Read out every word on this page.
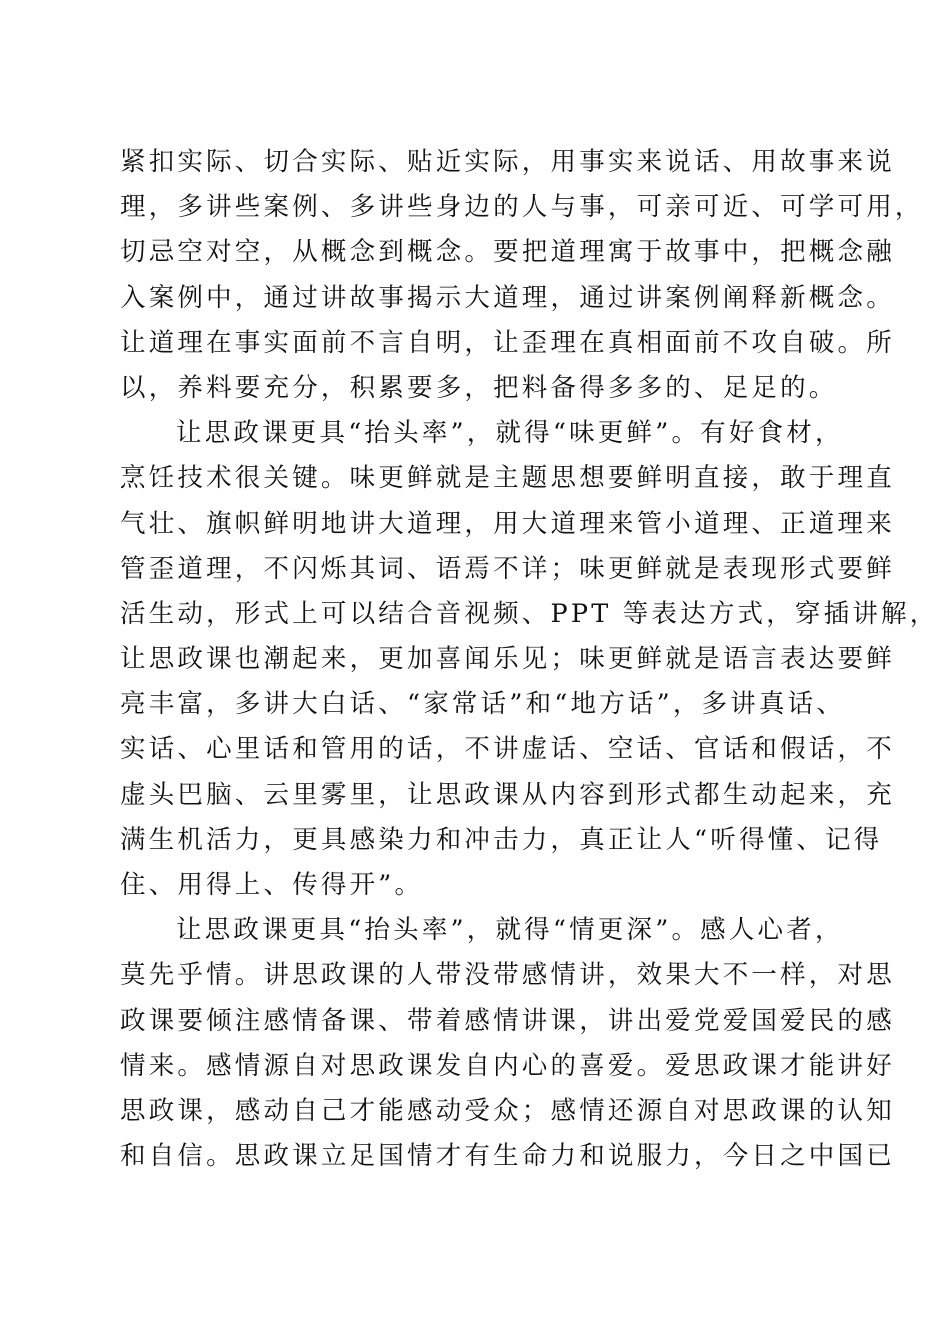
紧扣实际、切合实际、贴近实际，用事实来说话、用故事来说
理，多讲些案例、多讲些身边的人与事，可亲可近、可学可用，
切忌空对空，从概念到概念。要把道理寓于故事中，把概念融
入案例中，通过讲故事揭示大道理，通过讲案例阐释新概念。
让道理在事实面前不言自明，让歪理在真相面前不攻自破。所
以，养料要充分，积累要多，把料备得多多的、足足的。
让思政课更具“抬头率”，就得“味更鲜”。有好食材，
烹饪技术很关键。味更鲜就是主题思想要鲜明直接，敢于理直
气壮、旗帜鲜明地讲大道理，用大道理来管小道理、正道理来
管歪道理，不闪烁其词、语焉不详；味更鲜就是表现形式要鲜
活生动，形式上可以结合音视频、PPT 等表达方式，穿插讲解，
让思政课也潮起来，更加喜闻乐见；味更鲜就是语言表达要鲜
亮丰富，多讲大白话、“家常话”和“地方话”，多讲真话、
实话、心里话和管用的话，不讲虚话、空话、官话和假话，不
虚头巴脑、云里雾里，让思政课从内容到形式都生动起来，充
满生机活力，更具感染力和冲击力，真正让人“听得懂、记得
住、用得上、传得开”。
让思政课更具“抬头率”，就得“情更深”。感人心者，
莫先乎情。讲思政课的人带没带感情讲，效果大不一样，对思
政课要倾注感情备课、带着感情讲课，讲出爱党爱国爱民的感
情来。感情源自对思政课发自内心的喜爱。爱思政课才能讲好
思政课，感动自己才能感动受众；感情还源自对思政课的认知
和自信。思政课立足国情才有生命力和说服力，今日之中国已
